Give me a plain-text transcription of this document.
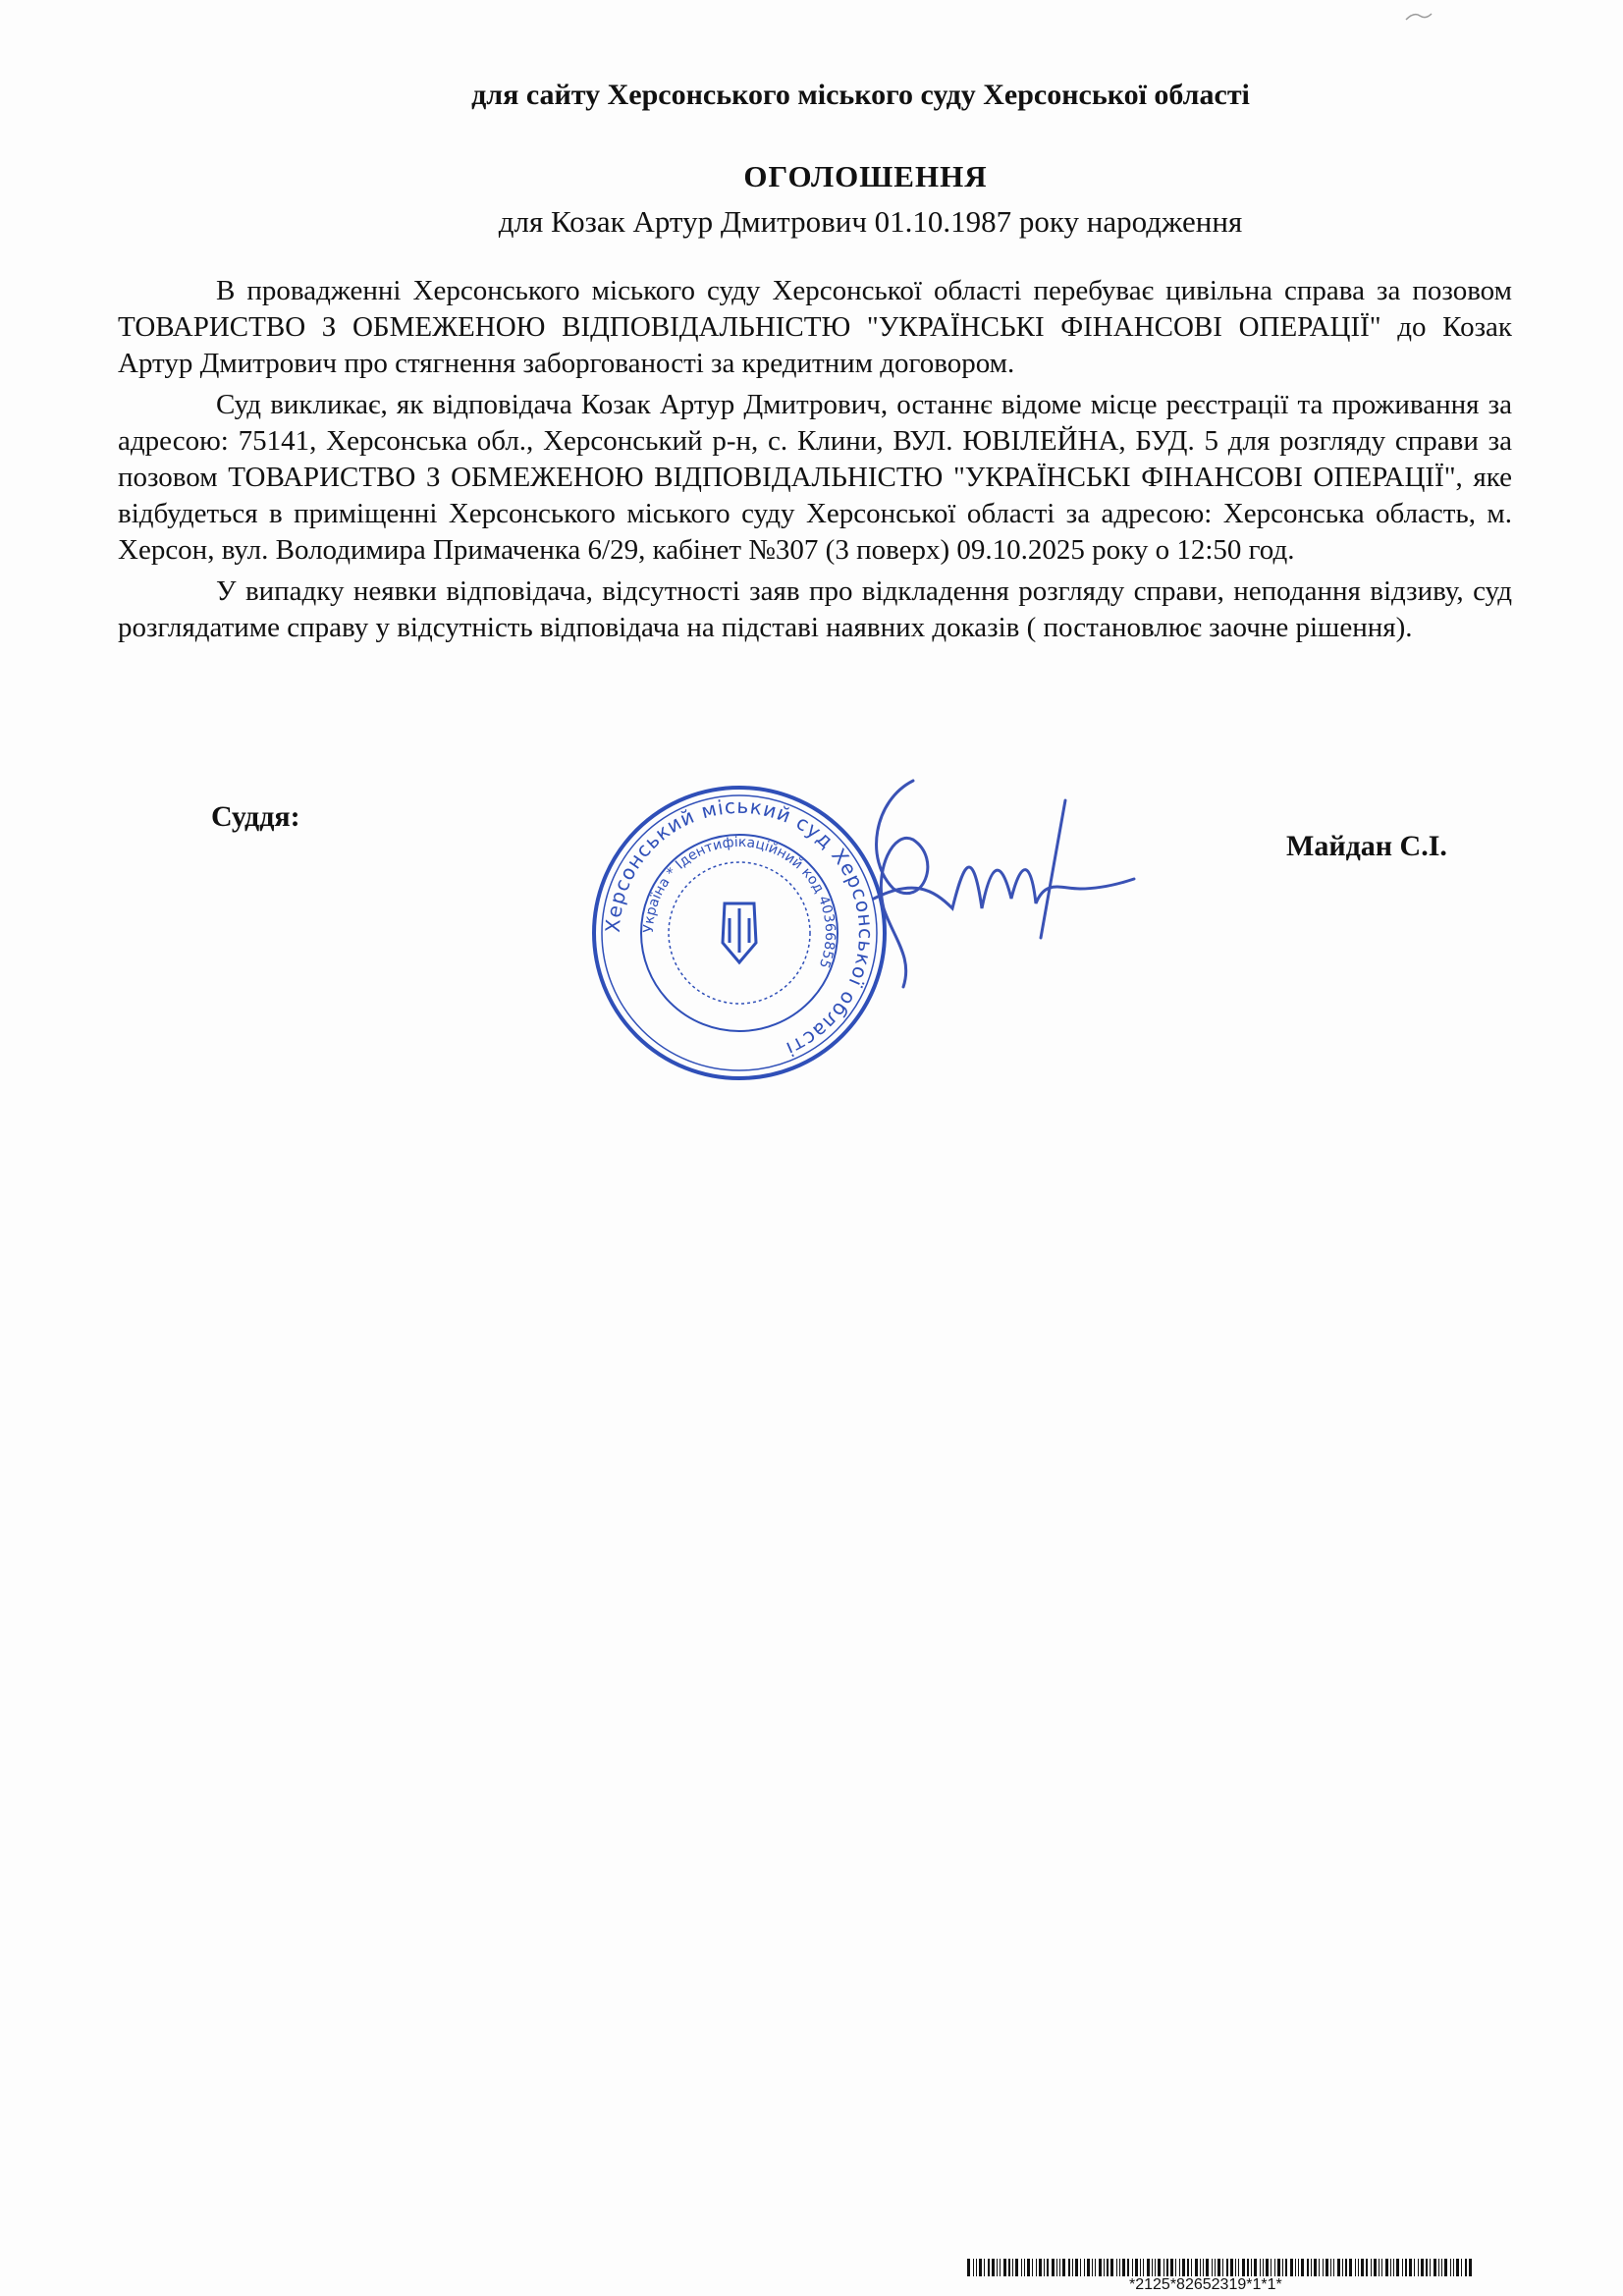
для сайту Херсонського міського суду Херсонської області
ОГОЛОШЕННЯ
для Козак Артур Дмитрович 01.10.1987 року народження

В провадженні Херсонського міського суду Херсонської області перебуває цивільна справа за позовом ТОВАРИСТВО З ОБМЕЖЕНОЮ ВІДПОВІДАЛЬНІСТЮ "УКРАЇНСЬКІ ФІНАНСОВІ ОПЕРАЦІЇ" до Козак Артур Дмитрович про стягнення заборгованості за кредитним договором.

Суд викликає, як відповідача Козак Артур Дмитрович, останнє відоме місце реєстрації та проживання за адресою: 75141, Херсонська обл., Херсонський р-н, с. Клини, ВУЛ. ЮВІЛЕЙНА, БУД. 5 для розгляду справи за позовом ТОВАРИСТВО З ОБМЕЖЕНОЮ ВІДПОВІДАЛЬНІСТЮ "УКРАЇНСЬКІ ФІНАНСОВІ ОПЕРАЦІЇ", яке відбудеться в приміщенні Херсонського міського суду Херсонської області за адресою: Херсонська область, м. Херсон, вул. Володимира Примаченка 6/29, кабінет №307 (3 поверх) 09.10.2025 року о 12:50 год.

У випадку неявки відповідача, відсутності заяв про відкладення розгляду справи, неподання відзиву, суд розглядатиме справу у відсутність відповідача на підставі наявних доказів ( постановлює заочне рішення).

Суддя:
Херсонський міський суд Херсонської області
Україна * Ідентифікаційний код 40366855
Майдан С.І.
*2125*82652319*1*1*
